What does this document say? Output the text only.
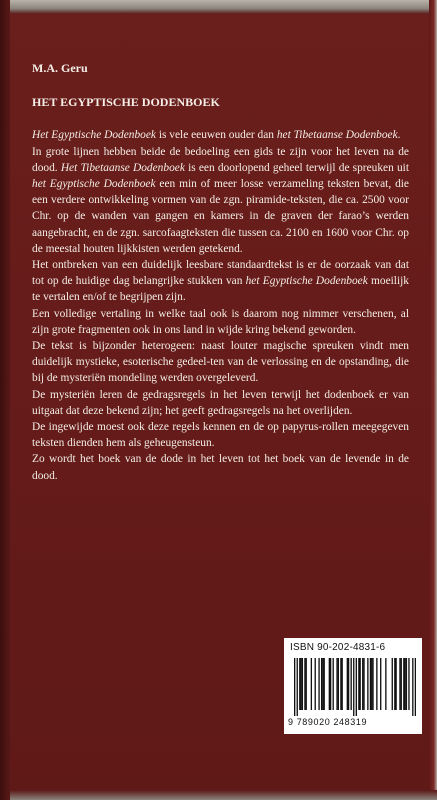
M.A. Geru
HET EGYPTISCHE DODENBOEK
Het Egyptische Dodenboek is vele eeuwen ouder dan het Tibetaanse Dodenboek.
In grote lijnen hebben beide de bedoeling een gids te zijn voor het leven na de dood. Het Tibetaanse Dodenboek is een doorlopend geheel terwijl de spreuken uit het Egyptische Dodenboek een min of meer losse verzameling teksten bevat, die een verdere ontwikkeling vormen van de zgn. piramide-teksten, die ca. 2500 voor Chr. op de wanden van gangen en kamers in de graven der farao’s werden aangebracht, en de zgn. sarcofaagteksten die tussen ca. 2100 en 1600 voor Chr. op de meestal houten lijkkisten werden getekend.
Het ontbreken van een duidelijk leesbare standaardtekst is er de oorzaak van dat tot op de huidige dag belangrijke stukken van het Egyptische Dodenboek moeilijk te vertalen en/of te begrijpen zijn.
Een volledige vertaling in welke taal ook is daarom nog nimmer verschenen, al zijn grote fragmenten ook in ons land in wijde kring bekend geworden.
De tekst is bijzonder heterogeen: naast louter magische spreuken vindt men duidelijk mystieke, esoterische gedeel-ten van de verlossing en de opstanding, die bij de mysteriën mondeling werden overgeleverd.
De mysteriën leren de gedragsregels in het leven terwijl het dodenboek er van uitgaat dat deze bekend zijn; het geeft gedragsregels na het overlijden.
De ingewijde moest ook deze regels kennen en de op papyrus-rollen meegegeven teksten dienden hem als geheugensteun.
Zo wordt het boek van de dode in het leven tot het boek van de levende in de dood.
ISBN 90-202-4831-6
9 789020 248319
